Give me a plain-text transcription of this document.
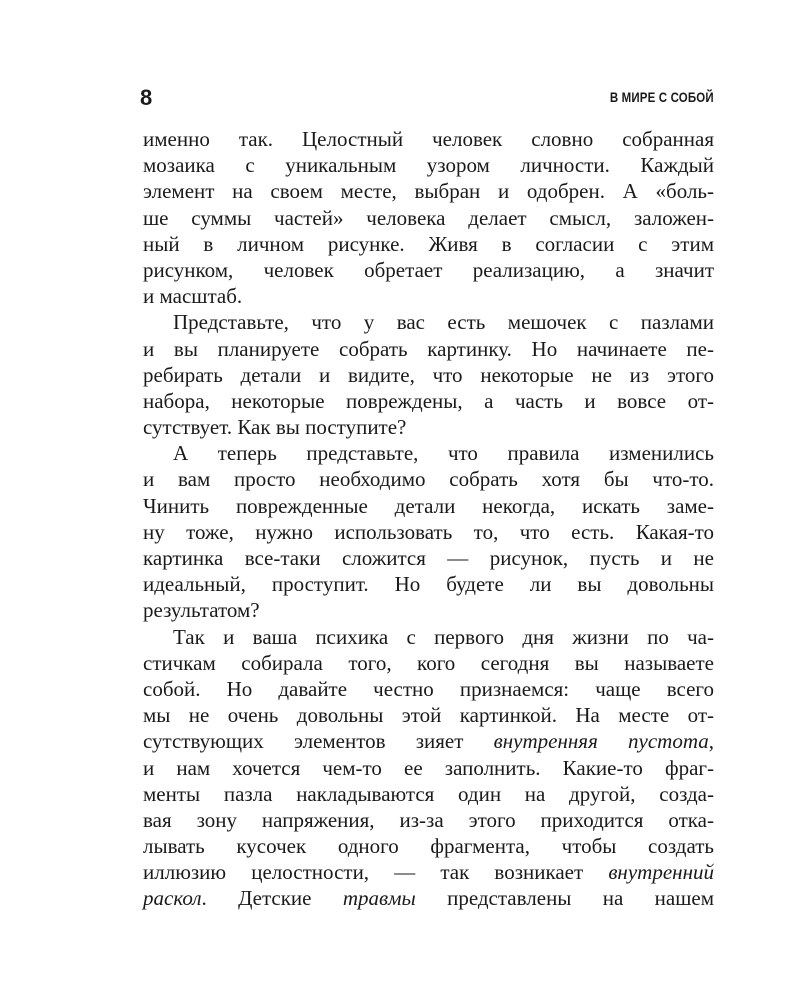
8	В МИРЕ С СОБОЙ
именно так. Целостный человек словно собранная
мозаика с уникальным узором личности. Каждый
элемент на своем месте, выбран и одобрен. А «боль-
ше суммы частей» человека делает смысл, заложен-
ный в личном рисунке. Живя в согласии с этим
рисунком, человек обретает реализацию, а значит
и масштаб.
Представьте, что у вас есть мешочек с пазлами
и вы планируете собрать картинку. Но начинаете пе-
ребирать детали и видите, что некоторые не из этого
набора, некоторые повреждены, а часть и вовсе от-
сутствует. Как вы поступите?
А теперь представьте, что правила изменились
и вам просто необходимо собрать хотя бы что-то.
Чинить поврежденные детали некогда, искать заме-
ну тоже, нужно использовать то, что есть. Какая-то
картинка все-таки сложится — рисунок, пусть и не
идеальный, проступит. Но будете ли вы довольны
результатом?
Так и ваша психика с первого дня жизни по ча-
стичкам собирала того, кого сегодня вы называете
собой. Но давайте честно признаемся: чаще всего
мы не очень довольны этой картинкой. На месте от-
сутствующих элементов зияет внутренняя пустота,
и нам хочется чем-то ее заполнить. Какие-то фраг-
менты пазла накладываются один на другой, созда-
вая зону напряжения, из-за этого приходится отка-
лывать кусочек одного фрагмента, чтобы создать
иллюзию целостности, — так возникает внутренний
раскол. Детские травмы представлены на нашем
